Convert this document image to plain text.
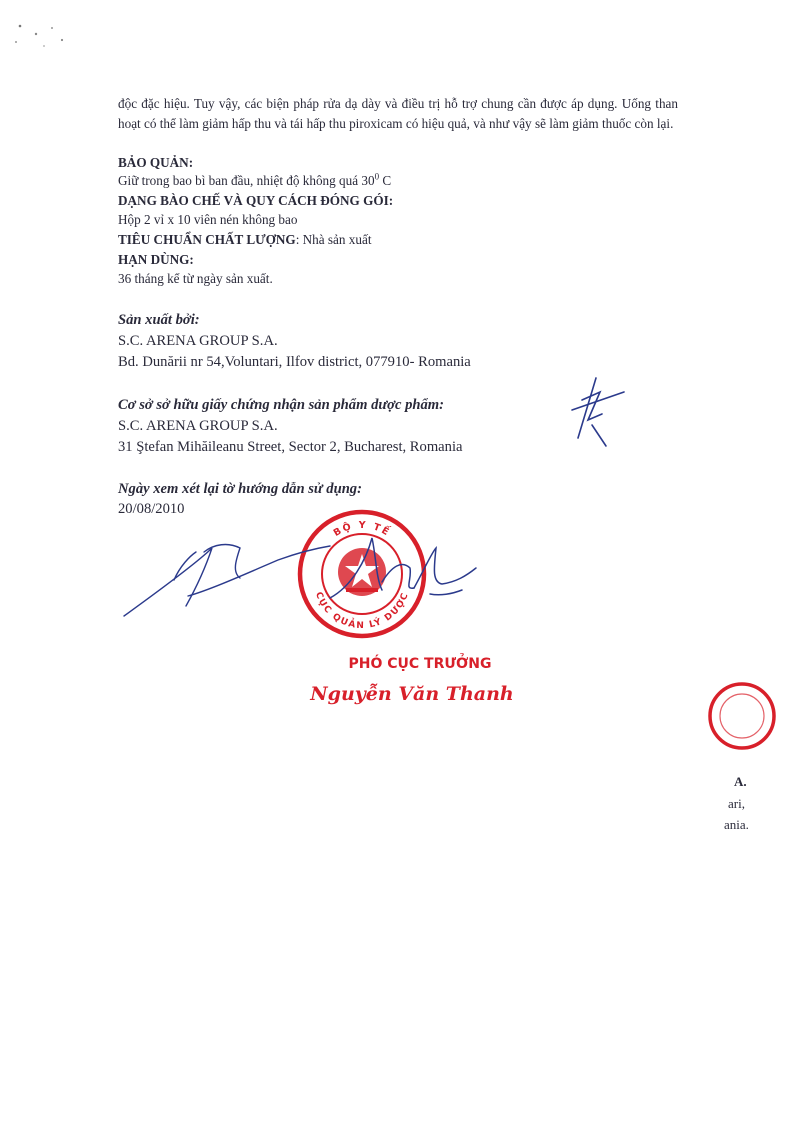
độc đặc hiệu. Tuy vậy, các biện pháp rửa dạ dày và điều trị hỗ trợ chung cần được áp dụng. Uống than hoạt có thể làm giảm hấp thu và tái hấp thu piroxicam có hiệu quả, và như vậy sẽ làm giảm thuốc còn lại.
BẢO QUẢN:
Giữ trong bao bì ban đầu, nhiệt độ không quá $30^0$ C
DẠNG BÀO CHẾ VÀ QUY CÁCH ĐÓNG GÓI:
Hộp 2 vỉ x 10 viên nén không bao
TIÊU CHUẨN CHẤT LƯỢNG: Nhà sản xuất
HẠN DÙNG:
36 tháng kể từ ngày sản xuất.
Sản xuất bởi:
S.C. ARENA GROUP S.A.
Bd. Dunării nr 54,Voluntari, Ilfov district, 077910- Romania
Cơ sở sở hữu giấy chứng nhận sản phẩm dược phẩm:
S.C. ARENA GROUP S.A.
31 Ştefan Mihăileanu Street, Sector 2, Bucharest, Romania
Ngày xem xét lại tờ hướng dẫn sử dụng:
20/08/2010
BỘ Y TẾ
CỤC QUẢN LÝ DƯỢC
PHÓ CỤC TRƯỞNG
Nguyễn Văn Thanh
A.
ari,
ania.
